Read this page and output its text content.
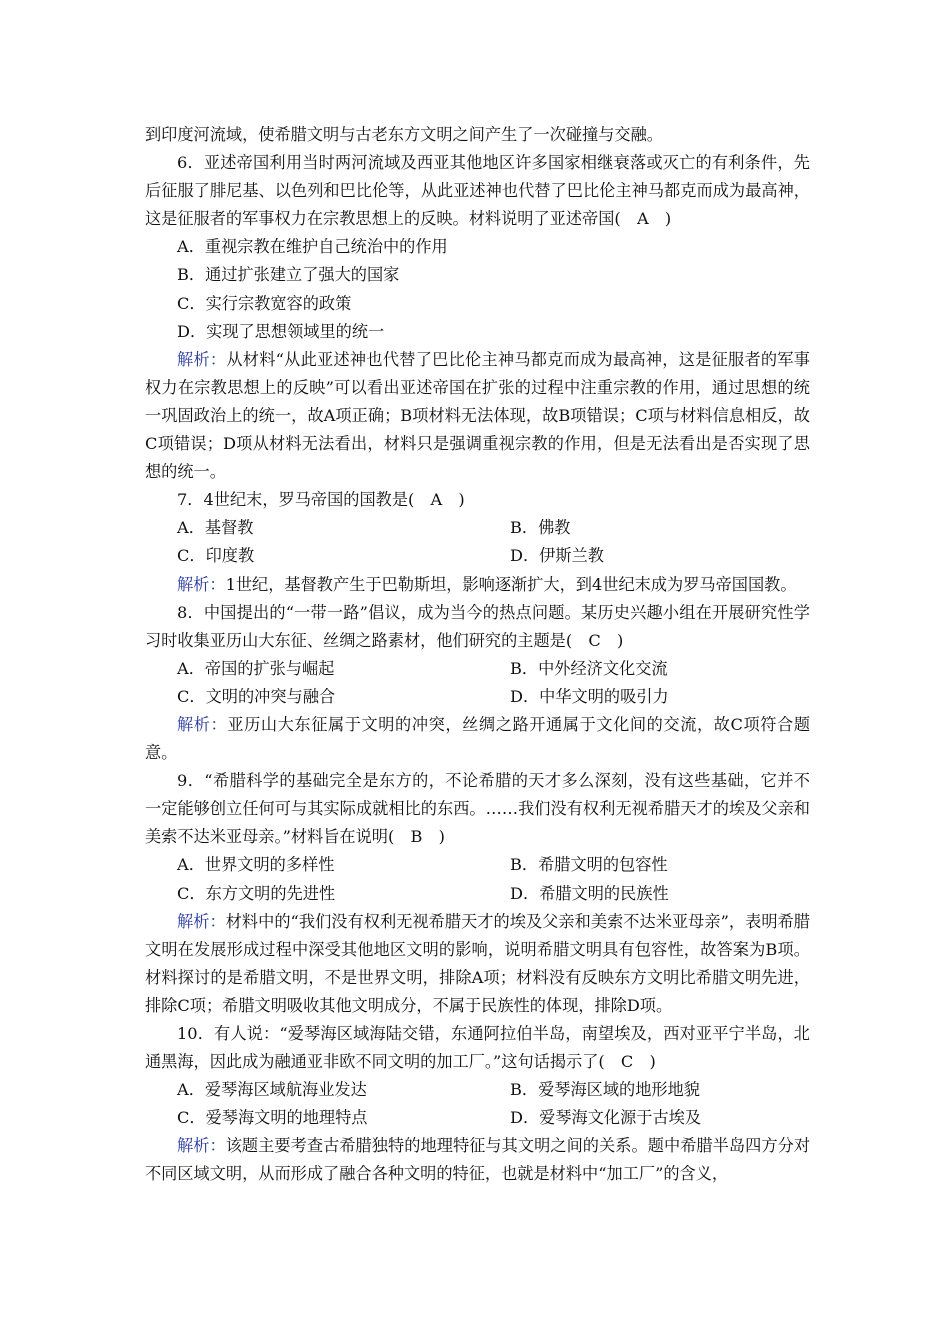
到印度河流域，使希腊文明与古老东方文明之间产生了一次碰撞与交融。

6．亚述帝国利用当时两河流域及西亚其他地区许多国家相继衰落或灭亡的有利条件，先后征服了腓尼基、以色列和巴比伦等，从此亚述神也代替了巴比伦主神马都克而成为最高神，这是征服者的军事权力在宗教思想上的反映。材料说明了亚述帝国(　A　)

A．重视宗教在维护自己统治中的作用

B．通过扩张建立了强大的国家

C．实行宗教宽容的政策

D．实现了思想领域里的统一

解析：从材料“从此亚述神也代替了巴比伦主神马都克而成为最高神，这是征服者的军事权力在宗教思想上的反映”可以看出亚述帝国在扩张的过程中注重宗教的作用，通过思想的统一巩固政治上的统一，故A项正确；B项材料无法体现，故B项错误；C项与材料信息相反，故C项错误；D项从材料无法看出，材料只是强调重视宗教的作用，但是无法看出是否实现了思想的统一。

7．4世纪末，罗马帝国的国教是(　A　)

A．基督教	B．佛教
C．印度教	D．伊斯兰教

解析：1世纪，基督教产生于巴勒斯坦，影响逐渐扩大，到4世纪末成为罗马帝国国教。

8．中国提出的“一带一路”倡议，成为当今的热点问题。某历史兴趣小组在开展研究性学习时收集亚历山大东征、丝绸之路素材，他们研究的主题是(　C　)

A．帝国的扩张与崛起	B．中外经济文化交流
C．文明的冲突与融合	D．中华文明的吸引力

解析：亚历山大东征属于文明的冲突，丝绸之路开通属于文化间的交流，故C项符合题意。

9．“希腊科学的基础完全是东方的，不论希腊的天才多么深刻，没有这些基础，它并不一定能够创立任何可与其实际成就相比的东西。……我们没有权利无视希腊天才的埃及父亲和美索不达米亚母亲。”材料旨在说明(　B　)

A．世界文明的多样性	B．希腊文明的包容性
C．东方文明的先进性	D．希腊文明的民族性

解析：材料中的“我们没有权利无视希腊天才的埃及父亲和美索不达米亚母亲”，表明希腊文明在发展形成过程中深受其他地区文明的影响，说明希腊文明具有包容性，故答案为B项。材料探讨的是希腊文明，不是世界文明，排除A项；材料没有反映东方文明比希腊文明先进，排除C项；希腊文明吸收其他文明成分，不属于民族性的体现，排除D项。

10．有人说：“爱琴海区域海陆交错，东通阿拉伯半岛，南望埃及，西对亚平宁半岛，北通黑海，因此成为融通亚非欧不同文明的加工厂。”这句话揭示了(　C　)

A．爱琴海区域航海业发达	B．爱琴海区域的地形地貌
C．爱琴海文明的地理特点	D．爱琴海文化源于古埃及

解析：该题主要考查古希腊独特的地理特征与其文明之间的关系。题中希腊半岛四方分对不同区域文明，从而形成了融合各种文明的特征，也就是材料中“加工厂”的含义，
